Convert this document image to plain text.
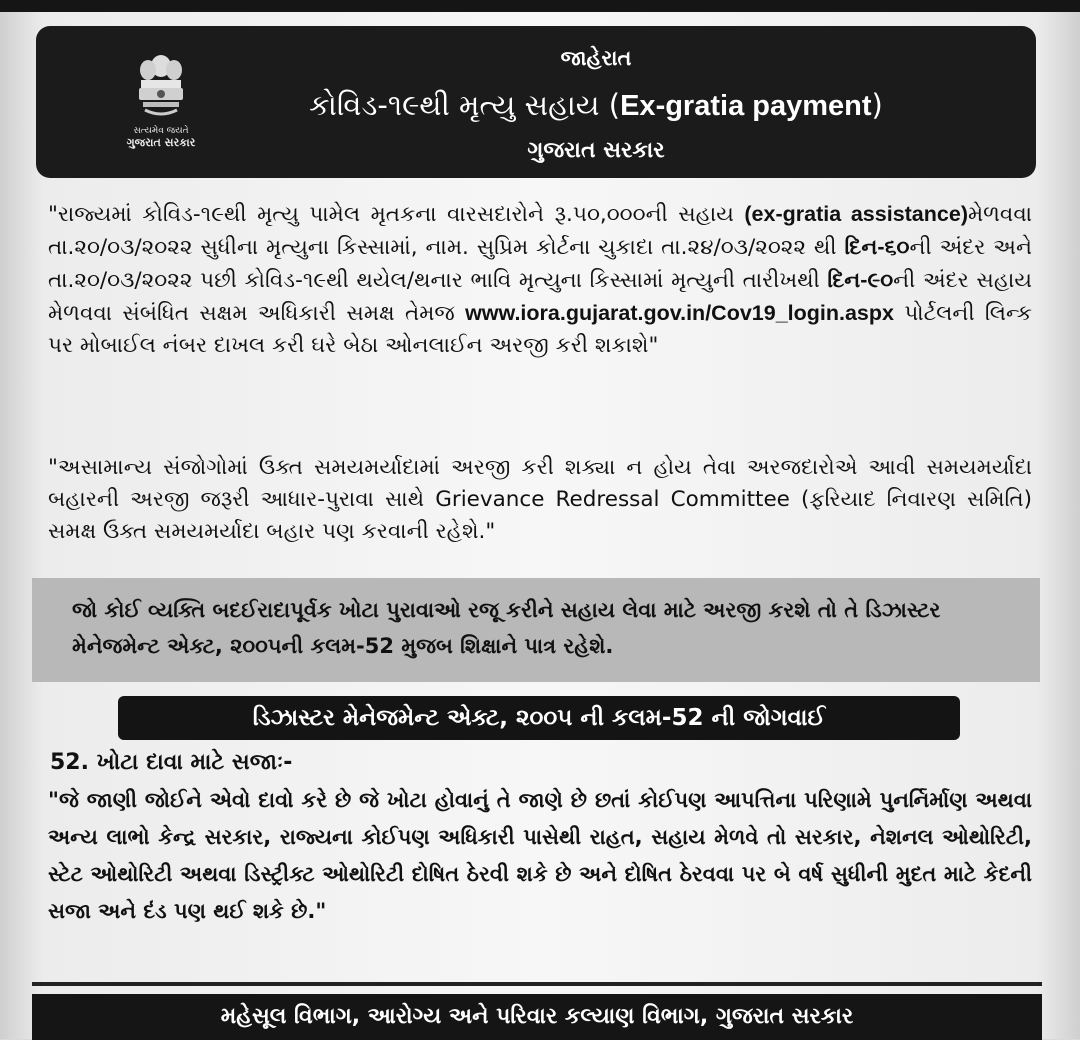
સત્યમેવ જયતે
ગુજરાત સરકાર
જાહેરાત
કોવિડ-૧૯થી મૃત્યુ સહાય (Ex-gratia payment)
ગુજરાત સરકાર
"રાજ્યમાં કોવિડ-૧૯થી મૃત્યુ પામેલ મૃતકના વારસદારોને રૂ.૫૦,૦૦૦ની સહાય (ex-gratia assistance)મેળવવા તા.૨૦/૦૩/૨૦૨૨ સુધીના મૃત્યુના કિસ્સામાં, નામ. સુપ્રિમ કોર્ટના ચુકાદા તા.૨૪/૦૩/૨૦૨૨ થી દિન-૬૦ની અંદર અને તા.૨૦/૦૩/૨૦૨૨ પછી કોવિડ-૧૯થી થયેલ/થનાર ભાવિ મૃત્યુના કિસ્સામાં મૃત્યુની તારીખથી દિન-૯૦ની અંદર સહાય મેળવવા સંબંધિત સક્ષમ અધિકારી સમક્ષ તેમજ www.iora.gujarat.gov.in/Cov19_login.aspx પોર્ટલની લિન્ક પર મોબાઈલ નંબર દાખલ કરી ઘરે બેઠા ઓનલાઈન અરજી કરી શકાશે"
"અસામાન્ય સંજોગોમાં ઉક્ત સમયમર્યાદામાં અરજી કરી શક્યા ન હોય તેવા અરજદારોએ આવી સમયમર્યાદા બહારની અરજી જરૂરી આધાર-પુરાવા સાથે Grievance Redressal Committee (ફરિયાદ નિવારણ સમિતિ) સમક્ષ ઉક્ત સમયમર્યાદા બહાર પણ કરવાની રહેશે."
જો કોઈ વ્યક્તિ બદઈરાદાપૂર્વક ખોટા પુરાવાઓ રજૂ કરીને સહાય લેવા માટે અરજી કરશે તો તે ડિઝાસ્ટર મેનેજમેન્ટ એક્ટ, ૨૦૦૫ની કલમ-52 મુજબ શિક્ષાને પાત્ર રહેશે.
ડિઝાસ્ટર મેનેજમેન્ટ એક્ટ, ૨૦૦૫ ની કલમ-52 ની જોગવાઈ
52. ખોટા દાવા માટે સજાઃ-
"જે જાણી જોઈને એવો દાવો કરે છે જે ખોટા હોવાનું તે જાણે છે છતાં કોઈપણ આપત્તિના પરિણામે પુનર્નિર્માણ અથવા અન્ય લાભો કેન્દ્ર સરકાર, રાજ્યના કોઈપણ અધિકારી પાસેથી રાહત, સહાય મેળવે તો સરકાર, નેશનલ ઓથોરિટી, સ્ટેટ ઓથોરિટી અથવા ડિસ્ટ્રીક્ટ ઓથોરિટી દોષિત ઠેરવી શકે છે અને દોષિત ઠેરવવા પર બે વર્ષ સુધીની મુદત માટે કેદની સજા અને દંડ પણ થઈ શકે છે."
મહેસૂલ વિભાગ, આરોગ્ય અને પરિવાર કલ્યાણ વિભાગ, ગુજરાત સરકાર
